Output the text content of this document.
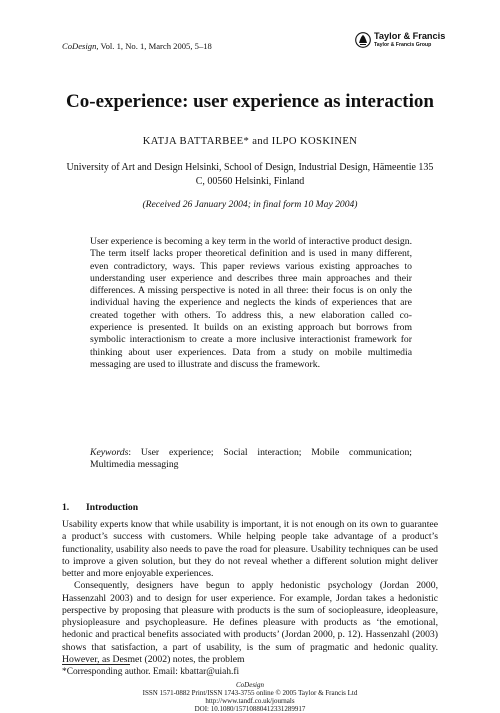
CoDesign, Vol. 1, No. 1, March 2005, 5–18
Taylor & Francis
Taylor & Francis Group
Co-experience: user experience as interaction
KATJA BATTARBEE* and ILPO KOSKINEN
University of Art and Design Helsinki, School of Design, Industrial Design, Hämeentie 135 C, 00560 Helsinki, Finland
(Received 26 January 2004; in final form 10 May 2004)
User experience is becoming a key term in the world of interactive product design. The term itself lacks proper theoretical definition and is used in many different, even contradictory, ways. This paper reviews various existing approaches to understanding user experience and describes three main approaches and their differences. A missing perspective is noted in all three: their focus is on only the individual having the experience and neglects the kinds of experiences that are created together with others. To address this, a new elaboration called co-experience is presented. It builds on an existing approach but borrows from symbolic interactionism to create a more inclusive interactionist framework for thinking about user experiences. Data from a study on mobile multimedia messaging are used to illustrate and discuss the framework.
Keywords: User experience; Social interaction; Mobile communication; Multimedia messaging
1. Introduction

Usability experts know that while usability is important, it is not enough on its own to guarantee a product’s success with customers. While helping people take advantage of a product’s functionality, usability also needs to pave the road for pleasure. Usability techniques can be used to improve a given solution, but they do not reveal whether a different solution might deliver better and more enjoyable experiences.

Consequently, designers have begun to apply hedonistic psychology (Jordan 2000, Hassenzahl 2003) and to design for user experience. For example, Jordan takes a hedonistic perspective by proposing that pleasure with products is the sum of sociopleasure, ideopleasure, physiopleasure and psychopleasure. He defines pleasure with products as ‘the emotional, hedonic and practical benefits associated with products’ (Jordan 2000, p. 12). Hassenzahl (2003) shows that satisfaction, a part of usability, is the sum of pragmatic and hedonic quality. However, as Desmet (2002) notes, the problem

*Corresponding author. Email: kbattar@uiah.fi
CoDesign
ISSN 1571-0882 Print/ISSN 1743-3755 online © 2005 Taylor & Francis Ltd
http://www.tandf.co.uk/journals
DOI: 10.1080/15710880412331289917
